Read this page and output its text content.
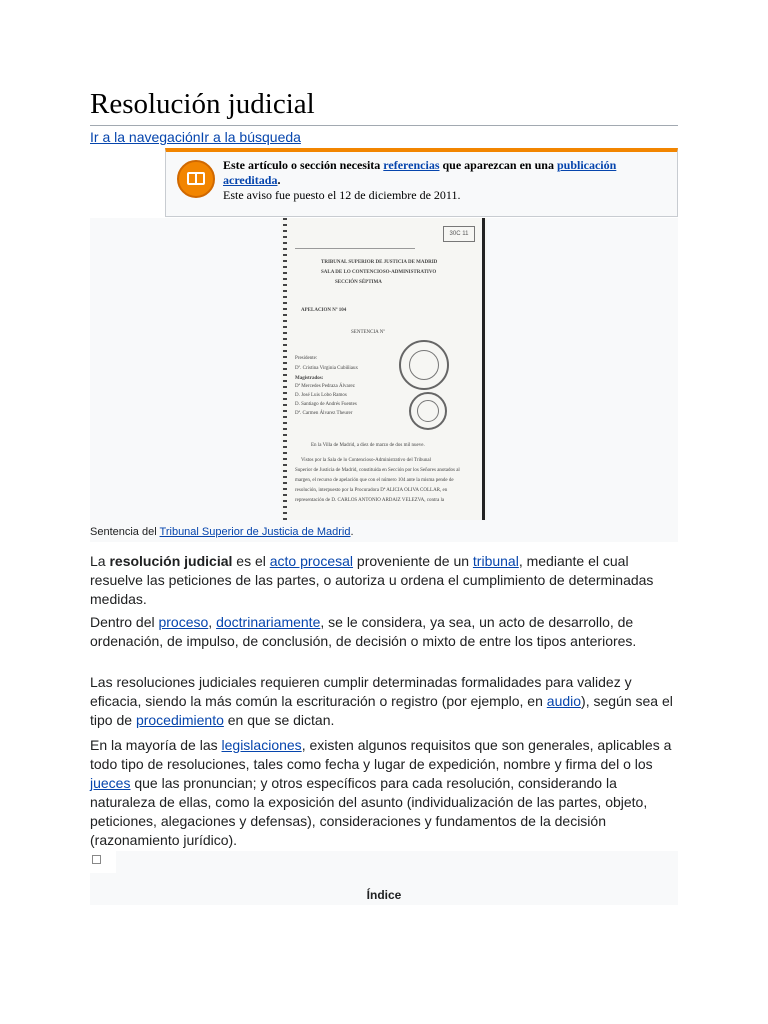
Resolución judicial
Ir a la navegaciónIr a la búsqueda
Este artículo o sección necesita referencias que aparezcan en una publicación acreditada.
Este aviso fue puesto el 12 de diciembre de 2011.
30C 11
TRIBUNAL SUPERIOR DE JUSTICIA DE MADRID
SALA DE LO CONTENCIOSO-ADMINISTRATIVO
SECCIÓN SÉPTIMA
APELACION Nº 104
SENTENCIA Nº
Presidente:
Dº. Cristina Virginia Cubiñiaux
Magistrados:
Dª Mercedes Pedraza Álvarez
D. José Luis Lobo Ramos
D. Santiago de Andrés Fuentes
Dª. Carmen Álvarez Theurer
En la Villa de Madrid, a diez de marzo de dos mil nueve.
Vistos por la Sala de lo Contencioso-Administrativo del Tribunal
Superior de Justicia de Madrid, constituida en Sección por los Señores anotados al
margen, el recurso de apelación que con el número 104 ante la misma pende de
resolución, interpuesto por la Procuradora Dª ALICIA OLIVA COLLAR, en
representación de D. CARLOS ANTONIO ARDAIZ VELEZVA, contra la
Sentencia del Tribunal Superior de Justicia de Madrid.

La resolución judicial es el acto procesal proveniente de un tribunal, mediante el cual resuelve las peticiones de las partes, o autoriza u ordena el cumplimiento de determinadas medidas.

Dentro del proceso, doctrinariamente, se le considera, ya sea, un acto de desarrollo, de ordenación, de impulso, de conclusión, de decisión o mixto de entre los tipos anteriores.

Las resoluciones judiciales requieren cumplir determinadas formalidades para validez y eficacia, siendo la más común la escrituración o registro (por ejemplo, en audio), según sea el tipo de procedimiento en que se dictan.

En la mayoría de las legislaciones, existen algunos requisitos que son generales, aplicables a todo tipo de resoluciones, tales como fecha y lugar de expedición, nombre y firma del o los jueces que las pronuncian; y otros específicos para cada resolución, considerando la naturaleza de ellas, como la exposición del asunto (individualización de las partes, objeto, peticiones, alegaciones y defensas), consideraciones y fundamentos de la decisión (razonamiento jurídico).

Índice
